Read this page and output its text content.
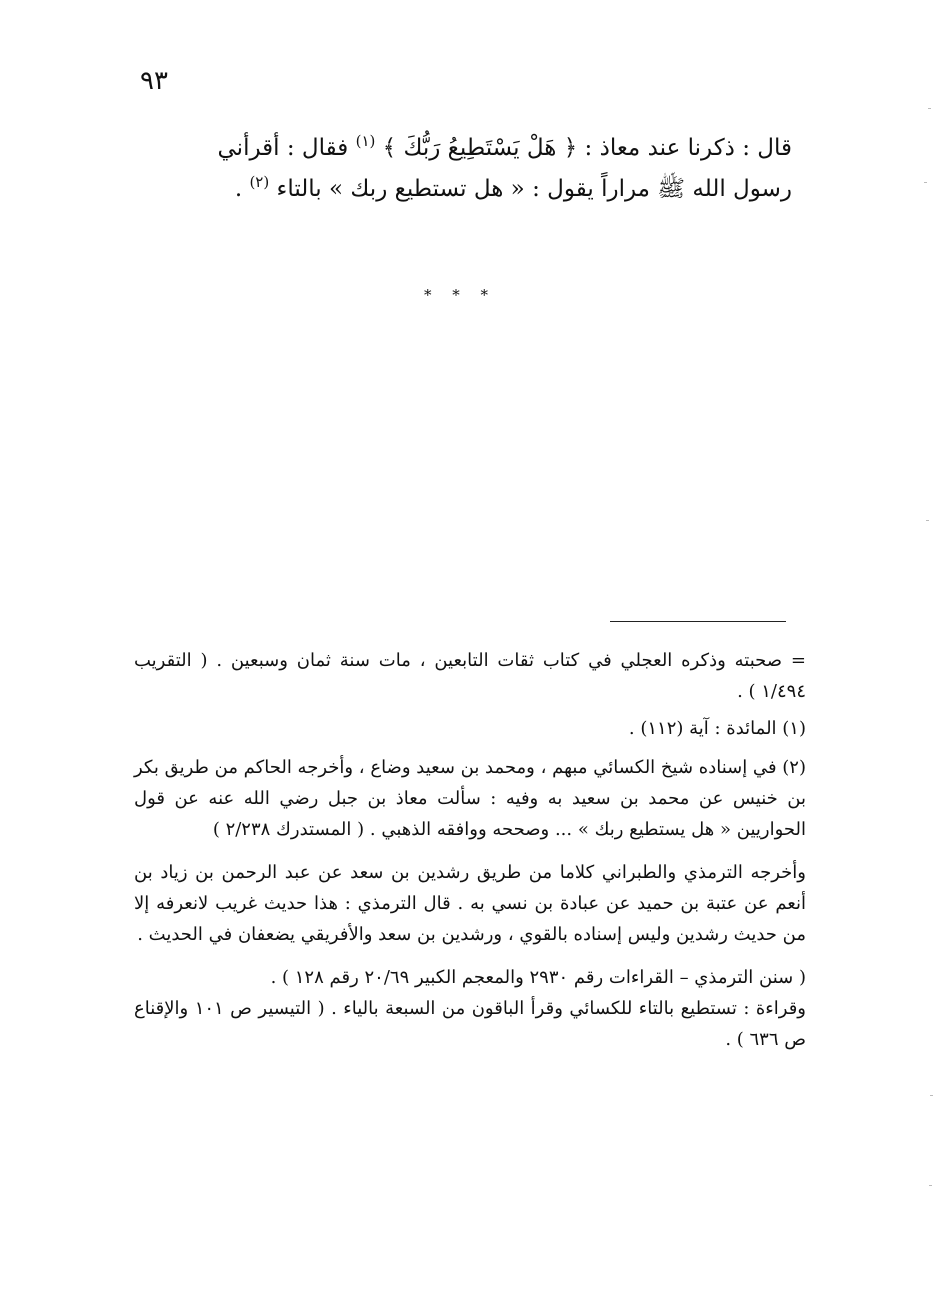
٩٣

قال : ذكرنا عند معاذ : ﴿ هَلْ يَسْتَطِيعُ رَبُّكَ ﴾ $^{(١)}$ فقال : أقرأني

رسول الله ﷺ مراراً يقول : « هل تستطيع ربك » بالتاء $^{(٢)}$ .

* * *

= صحبته وذكره العجلي في كتاب ثقات التابعين ، مات سنة ثمان وسبعين . ( التقريب ١/٤٩٤ ) .

(١) المائدة : آية (١١٢) .

(٢) في إسناده شيخ الكسائي مبهم ، ومحمد بن سعيد وضاع ، وأخرجه الحاكم من طريق بكر بن خنيس عن محمد بن سعيد به وفيه : سألت معاذ بن جبل رضي الله عنه عن قول الحواريين « هل يستطيع ربك » ... وصححه ووافقه الذهبي . ( المستدرك ٢/٢٣٨ )

وأخرجه الترمذي والطبراني كلاما من طريق رشدين بن سعد عن عبد الرحمن بن زياد بن أنعم عن عتبة بن حميد عن عبادة بن نسي به . قال الترمذي : هذا حديث غريب لانعرفه إلا من حديث رشدين وليس إسناده بالقوي ، ورشدين بن سعد والأفريقي يضعفان في الحديث .

( سنن الترمذي – القراءات رقم ٢٩٣٠ والمعجم الكبير ٢٠/٦٩ رقم ١٢٨ ) .

وقراءة : تستطيع بالتاء للكسائي وقرأ الباقون من السبعة بالياء . ( التيسير ص ١٠١ والإقناع ص ٦٣٦ ) .
